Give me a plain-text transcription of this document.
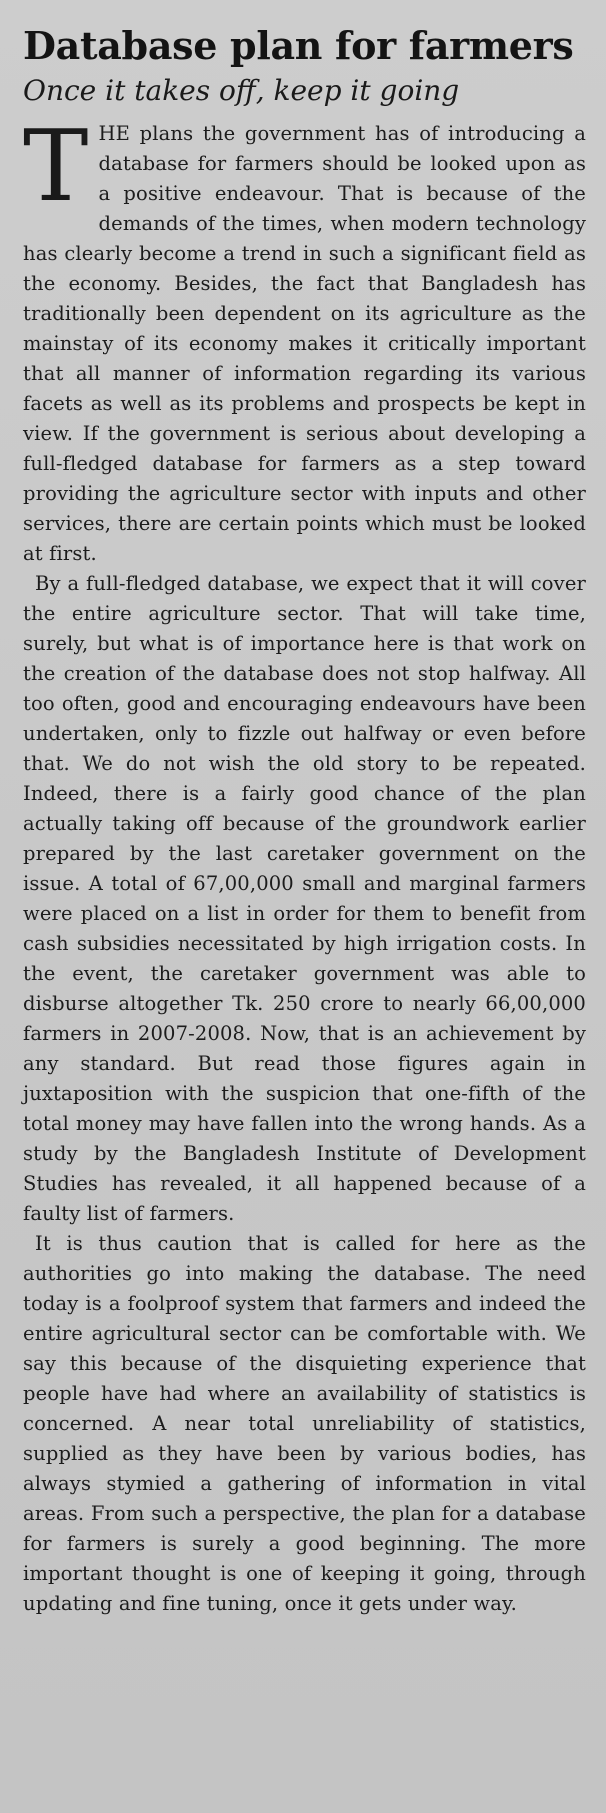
Database plan for farmers
Once it takes off, keep it going

THE plans the government has of introducing a database for farmers should be looked upon as a positive endeavour. That is because of the demands of the times, when modern technology has clearly become a trend in such a significant field as the economy. Besides, the fact that Bangladesh has traditionally been dependent on its agriculture as the mainstay of its economy makes it critically important that all manner of information regarding its various facets as well as its problems and prospects be kept in view. If the government is serious about developing a full-fledged database for farmers as a step toward providing the agriculture sector with inputs and other services, there are certain points which must be looked at first.

By a full-fledged database, we expect that it will cover the entire agriculture sector. That will take time, surely, but what is of importance here is that work on the creation of the database does not stop halfway. All too often, good and encouraging endeavours have been undertaken, only to fizzle out halfway or even before that. We do not wish the old story to be repeated. Indeed, there is a fairly good chance of the plan actually taking off because of the groundwork earlier prepared by the last caretaker government on the issue. A total of 67,00,000 small and marginal farmers were placed on a list in order for them to benefit from cash subsidies necessitated by high irrigation costs. In the event, the caretaker government was able to disburse altogether Tk. 250 crore to nearly 66,00,000 farmers in 2007-2008. Now, that is an achievement by any standard. But read those figures again in juxtaposition with the suspicion that one-fifth of the total money may have fallen into the wrong hands. As a study by the Bangladesh Institute of Development Studies has revealed, it all happened because of a faulty list of farmers.

It is thus caution that is called for here as the authorities go into making the database. The need today is a foolproof system that farmers and indeed the entire agricultural sector can be comfortable with. We say this because of the disquieting experience that people have had where an availability of statistics is concerned. A near total unreliability of statistics, supplied as they have been by various bodies, has always stymied a gathering of information in vital areas. From such a perspective, the plan for a database for farmers is surely a good beginning. The more important thought is one of keeping it going, through updating and fine tuning, once it gets under way.
